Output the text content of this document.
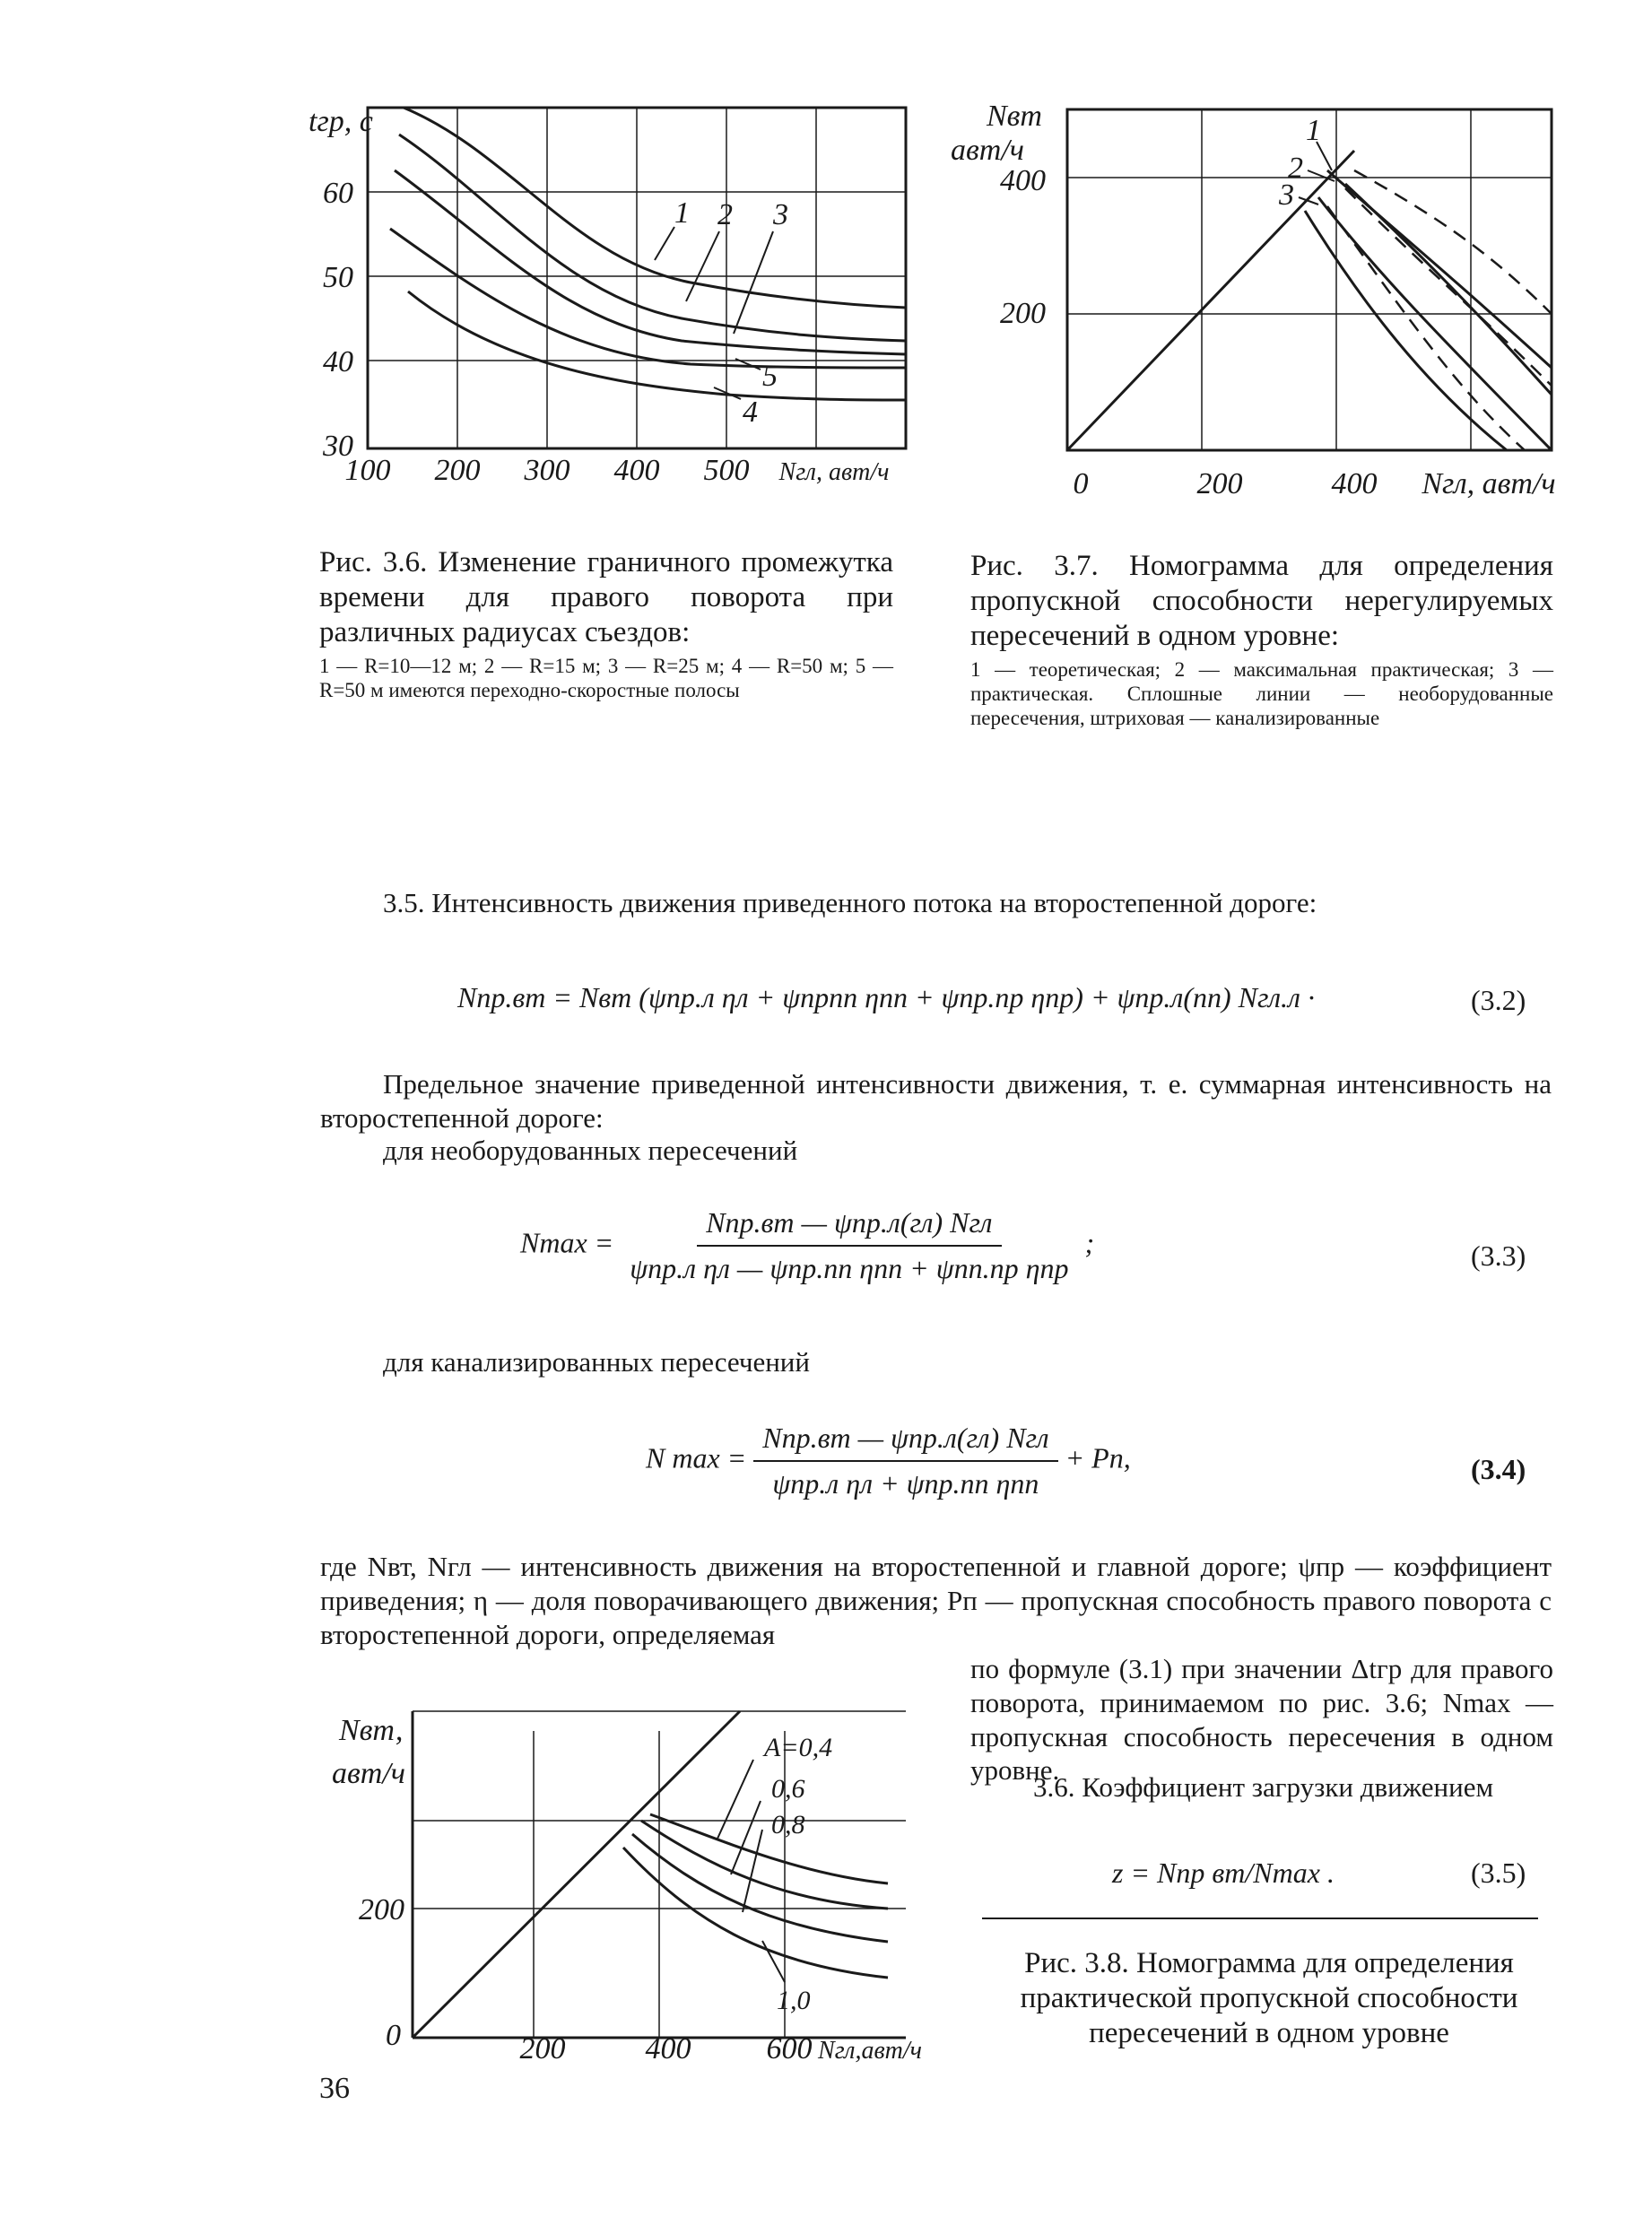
tгр, с
60
50
40
30
1 2 3
5
4
100 200 300 400 500 Nгл, авт/ч
Рис. 3.6. Изменение граничного промежутка времени для правого поворота при различных радиусах съездов:
1 — R=10—12 м; 2 — R=15 м; 3 — R=25 м; 4 — R=50 м; 5 — R=50 м имеются переходно-скоростные полосы
Nвт
авт/ч
400
200
1
2
3
0	200	400 Nгл, авт/ч
Рис. 3.7. Номограмма для определения пропускной способности нерегулируемых пересечений в одном уровне:
1 — теоретическая; 2 — максимальная практическая; 3 — практическая. Сплошные линии — необорудованные пересечения, штриховая — канализированные
3.5. Интенсивность движения приведенного потока на второстепенной дороге:
Nпр.вт = Nвт (ψпр.л ηл + ψпрпп ηпп + ψпр.пр ηпр) + ψпр.л(пп) Nгл.л ·	(3.2)
Предельное значение приведенной интенсивности движения, т. е. суммарная интенсивность на второстепенной дороге:
для необорудованных пересечений
$Nmax = \frac{\text{Nпр.вт — ψпр.л(гл) Nгл}}{\text{ψпр.л ηл — ψпр.пп ηпп + ψпп.пр ηпр}}$ ;	(3.3)
для канализированных пересечений
N $\max = \frac{\text{Nпр.вт — ψпр.л(гл) Nгл}}{\text{ψпр.л ηл + ψпр.пп ηпп}}$ + Pп,	(3.4)
где Nвт, Nгл — интенсивность движения на второстепенной и главной дороге; ψпр — коэффициент приведения; η — доля поворачивающего движения; Pп — пропускная способность правого поворота с второстепенной дороги, определяемая
по формуле (3.1) при значении Δtгр для правого поворота, принимаемом по рис. 3.6; Nmax — пропускная способность пересечения в одном уровне.
3.6. Коэффициент загрузки движением
z = Nпр вт/Nmax .	(3.5)
Nвт,
авт/ч
200
0
A=0,4
0,6
0,8
1,0
200	400 600 Nгл,авт/ч
Рис. 3.8. Номограмма для определения практической пропускной способности пересечений в одном уровне
36
